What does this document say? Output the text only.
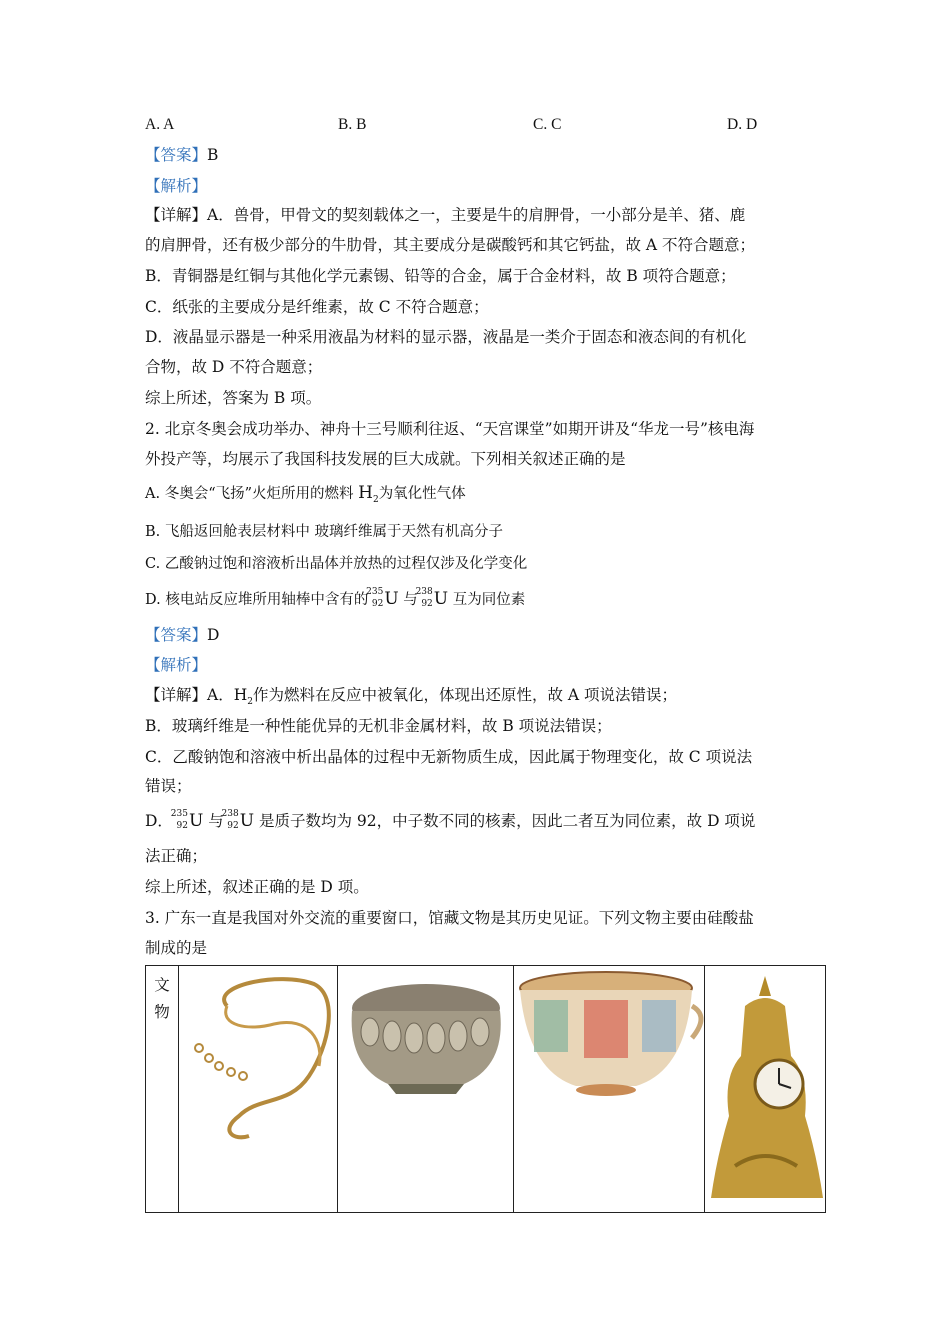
A. A	B. B	C. C	D. D
【答案】B
【解析】
【详解】A．兽骨，甲骨文的契刻载体之一，主要是牛的肩胛骨，一小部分是羊、猪、鹿
的肩胛骨，还有极少部分的牛肋骨，其主要成分是碳酸钙和其它钙盐，故 A 不符合题意；
B．青铜器是红铜与其他化学元素锡、铅等的合金，属于合金材料，故 B 项符合题意；
C．纸张的主要成分是纤维素，故 C 不符合题意；
D．液晶显示器是一种采用液晶为材料的显示器，液晶是一类介于固态和液态间的有机化
合物，故 D 不符合题意；
综上所述，答案为 B 项。
2. 北京冬奥会成功举办、神舟十三号顺利往返、“天宫课堂”如期开讲及“华龙一号”核电海
外投产等，均展示了我国科技发展的巨大成就。下列相关叙述正确的是
A. 冬奥会“飞扬”火炬所用的燃料 $H_2$为氧化性气体
B. 飞船返回舱表层材料中 玻璃纤维属于天然有机高分子
C. 乙酸钠过饱和溶液析出晶体并放热的过程仅涉及化学变化
D. 核电站反应堆所用轴棒中含有的
235
92 U 与
238
92 U 互为同位素
【答案】D
【解析】
【详解】A．$H_2$作为燃料在反应中被氧化，体现出还原性，故 A 项说法错误；
B．玻璃纤维是一种性能优异的无机非金属材料，故 B 项说法错误；
C．乙酸钠饱和溶液中析出晶体的过程中无新物质生成，因此属于物理变化，故 C 项说法
错误；
D．
235
92 U 与
238
92 U 是质子数均为 92，中子数不同的核素，因此二者互为同位素，故 D 项说
法正确；
综上所述，叙述正确的是 D 项。
3. 广东一直是我国对外交流的重要窗口，馆藏文物是其历史见证。下列文物主要由硅酸盐
制成的是
文
物
